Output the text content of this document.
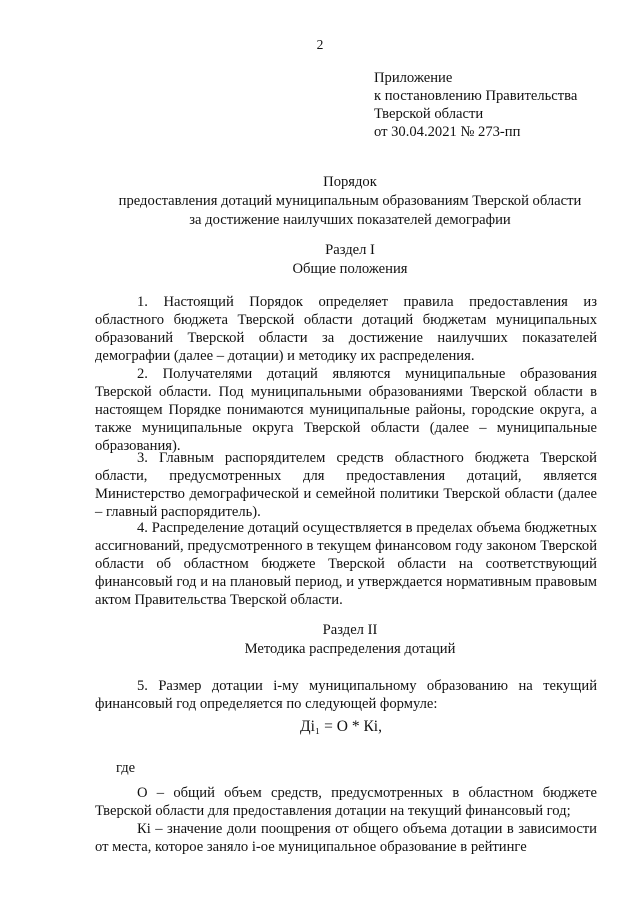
2
Приложение
к постановлению Правительства
Тверской области
от 30.04.2021 № 273-пп
Порядок
предоставления дотаций муниципальным образованиям Тверской области
за достижение наилучших показателей демографии
Раздел I
Общие положения
1. Настоящий Порядок определяет правила предоставления из областного бюджета Тверской области дотаций бюджетам муниципальных образований Тверской области за достижение наилучших показателей демографии (далее – дотации) и методику их распределения.
2. Получателями дотаций являются муниципальные образования Тверской области. Под муниципальными образованиями Тверской области в настоящем Порядке понимаются муниципальные районы, городские округа, а также муниципальные округа Тверской области (далее – муниципальные образования).
3. Главным распорядителем средств областного бюджета Тверской области, предусмотренных для предоставления дотаций, является Министерство демографической и семейной политики Тверской области (далее – главный распорядитель).
4. Распределение дотаций осуществляется в пределах объема бюджетных ассигнований, предусмотренного в текущем финансовом году законом Тверской области об областном бюджете Тверской области на соответствующий финансовый год и на плановый период, и утверждается нормативным правовым актом Правительства Тверской области.
Раздел II
Методика распределения дотаций
5. Размер дотации i-му муниципальному образованию на текущий финансовый год определяется по следующей формуле:
Дi₁ = О * Кi,
где
О – общий объем средств, предусмотренных в областном бюджете Тверской области для предоставления дотации на текущий финансовый год;
Кi – значение доли поощрения от общего объема дотации в зависимости от места, которое заняло i-ое муниципальное образование в рейтинге
